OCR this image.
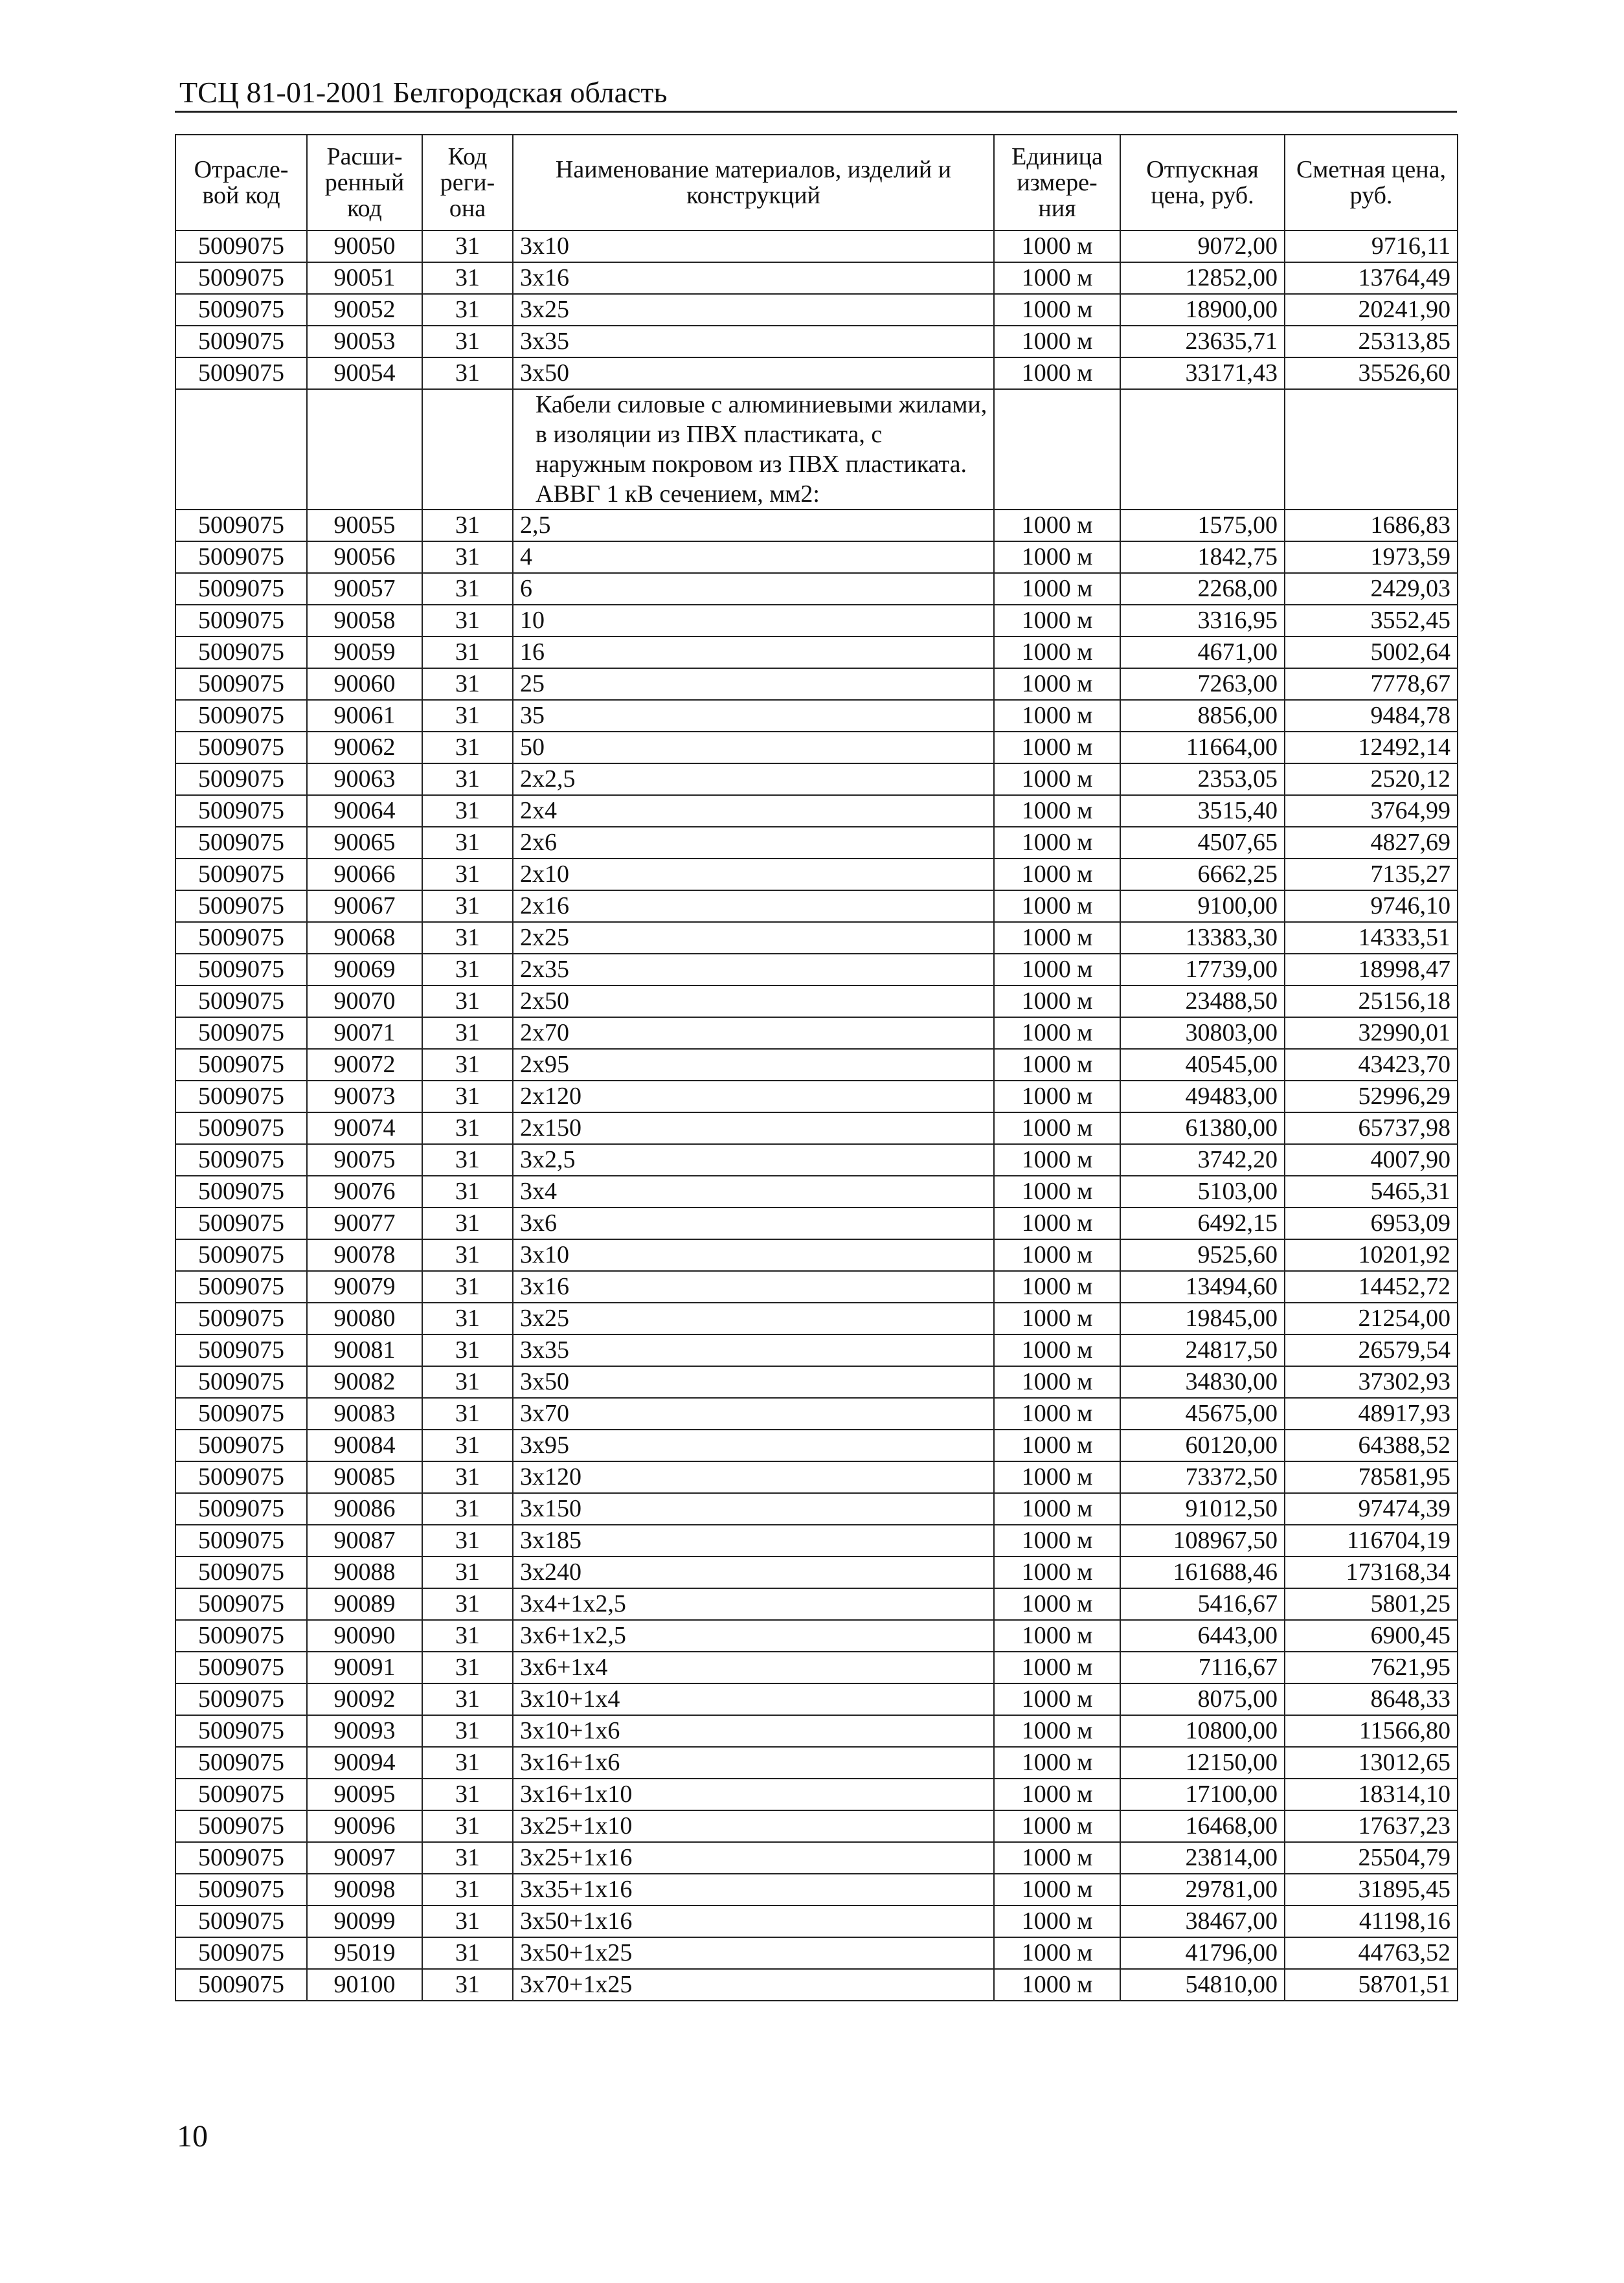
ТСЦ 81-01-2001 Белгородская область
Отрасле-вой код	Расши-ренный код	Код реги-она	Наименование материалов, изделий и конструкций	Единица измере-ния	Отпускная цена, руб.	Сметная цена, руб.
5009075	90050	31	3x10	1000 м	9072,00	9716,11
5009075	90051	31	3x16	1000 м	12852,00	13764,49
5009075	90052	31	3x25	1000 м	18900,00	20241,90
5009075	90053	31	3x35	1000 м	23635,71	25313,85
5009075	90054	31	3x50	1000 м	33171,43	35526,60
			Кабели силовые с алюминиевыми жилами, в изоляции из ПВХ пластиката, с наружным покровом из ПВХ пластиката. АВВГ 1 кВ сечением, мм2:			
5009075	90055	31	2,5	1000 м	1575,00	1686,83
5009075	90056	31	4	1000 м	1842,75	1973,59
5009075	90057	31	6	1000 м	2268,00	2429,03
5009075	90058	31	10	1000 м	3316,95	3552,45
5009075	90059	31	16	1000 м	4671,00	5002,64
5009075	90060	31	25	1000 м	7263,00	7778,67
5009075	90061	31	35	1000 м	8856,00	9484,78
5009075	90062	31	50	1000 м	11664,00	12492,14
5009075	90063	31	2x2,5	1000 м	2353,05	2520,12
5009075	90064	31	2x4	1000 м	3515,40	3764,99
5009075	90065	31	2x6	1000 м	4507,65	4827,69
5009075	90066	31	2x10	1000 м	6662,25	7135,27
5009075	90067	31	2x16	1000 м	9100,00	9746,10
5009075	90068	31	2x25	1000 м	13383,30	14333,51
5009075	90069	31	2x35	1000 м	17739,00	18998,47
5009075	90070	31	2x50	1000 м	23488,50	25156,18
5009075	90071	31	2x70	1000 м	30803,00	32990,01
5009075	90072	31	2x95	1000 м	40545,00	43423,70
5009075	90073	31	2x120	1000 м	49483,00	52996,29
5009075	90074	31	2x150	1000 м	61380,00	65737,98
5009075	90075	31	3x2,5	1000 м	3742,20	4007,90
5009075	90076	31	3x4	1000 м	5103,00	5465,31
5009075	90077	31	3x6	1000 м	6492,15	6953,09
5009075	90078	31	3x10	1000 м	9525,60	10201,92
5009075	90079	31	3x16	1000 м	13494,60	14452,72
5009075	90080	31	3x25	1000 м	19845,00	21254,00
5009075	90081	31	3x35	1000 м	24817,50	26579,54
5009075	90082	31	3x50	1000 м	34830,00	37302,93
5009075	90083	31	3x70	1000 м	45675,00	48917,93
5009075	90084	31	3x95	1000 м	60120,00	64388,52
5009075	90085	31	3x120	1000 м	73372,50	78581,95
5009075	90086	31	3x150	1000 м	91012,50	97474,39
5009075	90087	31	3x185	1000 м	108967,50	116704,19
5009075	90088	31	3x240	1000 м	161688,46	173168,34
5009075	90089	31	3x4+1x2,5	1000 м	5416,67	5801,25
5009075	90090	31	3x6+1x2,5	1000 м	6443,00	6900,45
5009075	90091	31	3x6+1x4	1000 м	7116,67	7621,95
5009075	90092	31	3x10+1x4	1000 м	8075,00	8648,33
5009075	90093	31	3x10+1x6	1000 м	10800,00	11566,80
5009075	90094	31	3x16+1x6	1000 м	12150,00	13012,65
5009075	90095	31	3x16+1x10	1000 м	17100,00	18314,10
5009075	90096	31	3x25+1x10	1000 м	16468,00	17637,23
5009075	90097	31	3x25+1x16	1000 м	23814,00	25504,79
5009075	90098	31	3x35+1x16	1000 м	29781,00	31895,45
5009075	90099	31	3x50+1x16	1000 м	38467,00	41198,16
5009075	95019	31	3x50+1x25	1000 м	41796,00	44763,52
5009075	90100	31	3x70+1x25	1000 м	54810,00	58701,51
10
